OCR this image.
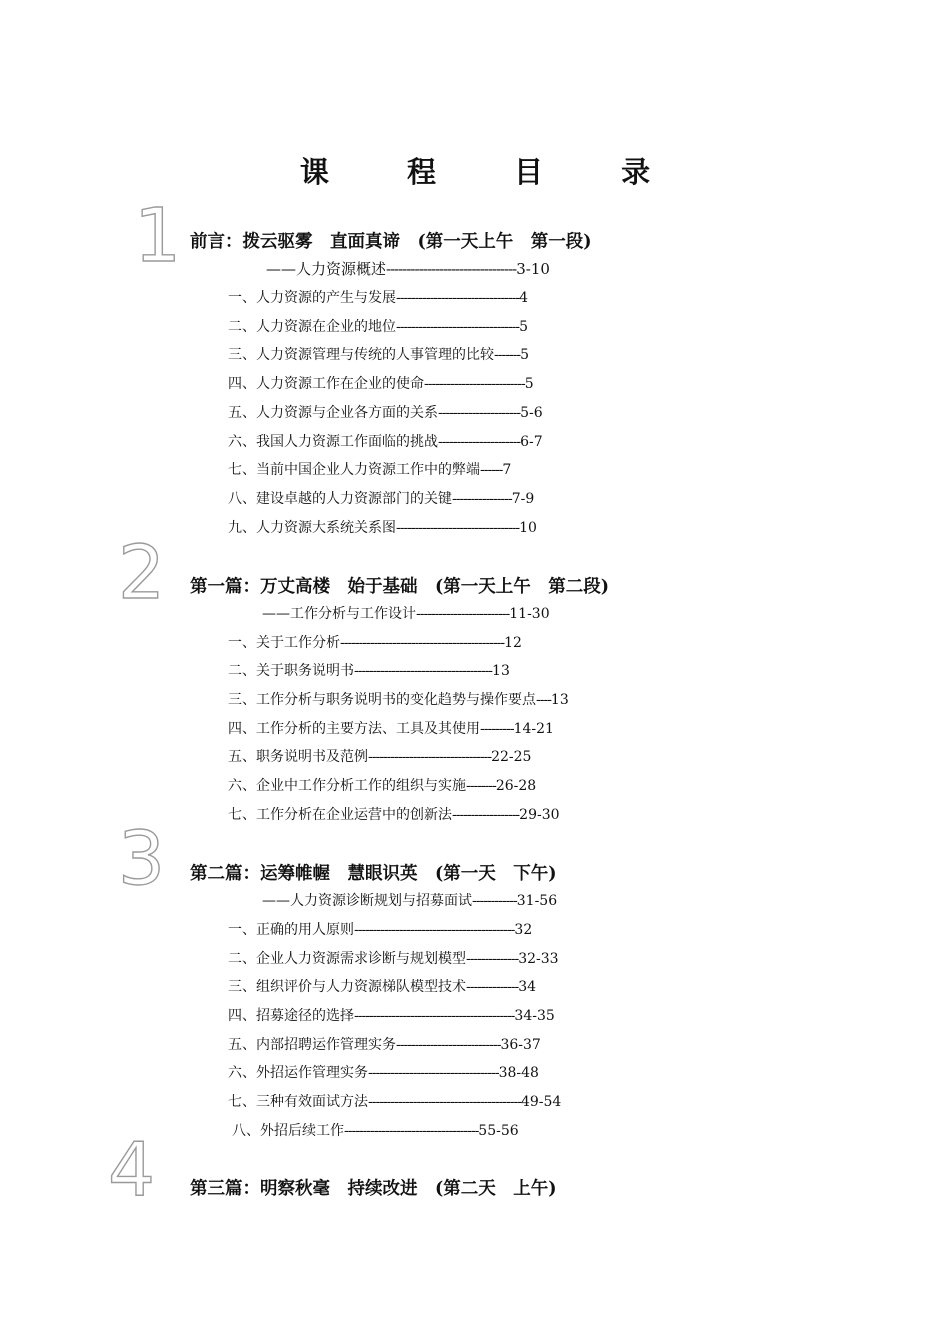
课 程 目 录
1 前言：拨云驱雾　直面真谛　(第一天上午　第一段)
——人力资源概述--------------------------------3-10
一、人力资源的产生与发展---------------------------------4
二、人力资源在企业的地位---------------------------------5
三、人力资源管理与传统的人事管理的比较-------5
四、人力资源工作在企业的使命---------------------------5
五、人力资源与企业各方面的关系----------------------5-6
六、我国人力资源工作面临的挑战----------------------6-7
七、当前中国企业人力资源工作中的弊端------7
八、建设卓越的人力资源部门的关键----------------7-9
九、人力资源大系统关系图---------------------------------10
2 第一篇：万丈高楼　始于基础　(第一天上午　第二段)
——工作分析与工作设计-------------------------11-30
一、关于工作分析--------------------------------------------12
二、关于职务说明书-------------------------------------13
三、工作分析与职务说明书的变化趋势与操作要点----13
四、工作分析的主要方法、工具及其使用---------14-21
五、职务说明书及范例---------------------------------22-25
六、企业中工作分析工作的组织与实施--------26-28
七、工作分析在企业运营中的创新法------------------29-30
3 第二篇：运筹帷幄　慧眼识英　(第一天　下午)
——人力资源诊断规划与招募面试------------31-56
一、正确的用人原则-------------------------------------------32
二、企业人力资源需求诊断与规划模型--------------32-33
三、组织评价与人力资源梯队模型技术--------------34
四、招募途径的选择-------------------------------------------34-35
五、内部招聘运作管理实务----------------------------36-37
六、外招运作管理实务-----------------------------------38-48
七、三种有效面试方法-----------------------------------------49-54
八、外招后续工作------------------------------------55-56
4 第三篇：明察秋毫　持续改进　(第二天　上午)
